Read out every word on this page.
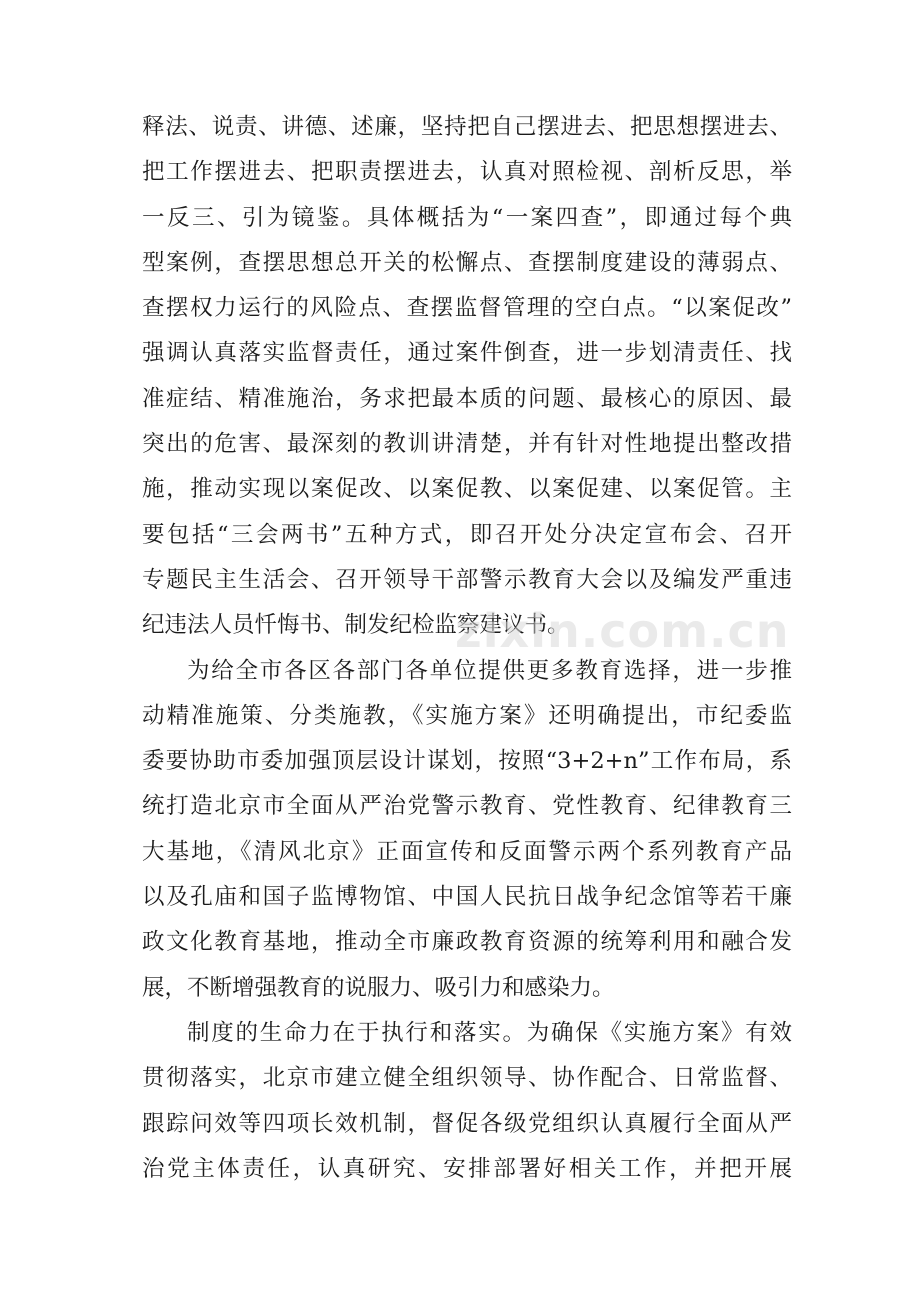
释法、说责、讲德、述廉，坚持把自己摆进去、把思想摆进去、
把工作摆进去、把职责摆进去，认真对照检视、剖析反思，举
一反三、引为镜鉴。具体概括为“一案四查”，即通过每个典
型案例，查摆思想总开关的松懈点、查摆制度建设的薄弱点、
查摆权力运行的风险点、查摆监督管理的空白点。“以案促改”
强调认真落实监督责任，通过案件倒查，进一步划清责任、找
准症结、精准施治，务求把最本质的问题、最核心的原因、最
突出的危害、最深刻的教训讲清楚，并有针对性地提出整改措
施，推动实现以案促改、以案促教、以案促建、以案促管。主
要包括“三会两书”五种方式，即召开处分决定宣布会、召开
专题民主生活会、召开领导干部警示教育大会以及编发严重违
纪违法人员忏悔书、制发纪检监察建议书。
为给全市各区各部门各单位提供更多教育选择，进一步推
动精准施策、分类施教，《实施方案》还明确提出，市纪委监
委要协助市委加强顶层设计谋划，按照“3+2+n”工作布局，系
统打造北京市全面从严治党警示教育、党性教育、纪律教育三
大基地，《清风北京》正面宣传和反面警示两个系列教育产品
以及孔庙和国子监博物馆、中国人民抗日战争纪念馆等若干廉
政文化教育基地，推动全市廉政教育资源的统筹利用和融合发
展，不断增强教育的说服力、吸引力和感染力。
制度的生命力在于执行和落实。为确保《实施方案》有效
贯彻落实，北京市建立健全组织领导、协作配合、日常监督、
跟踪问效等四项长效机制，督促各级党组织认真履行全面从严
治党主体责任，认真研究、安排部署好相关工作，并把开展
zixin.com.cn
